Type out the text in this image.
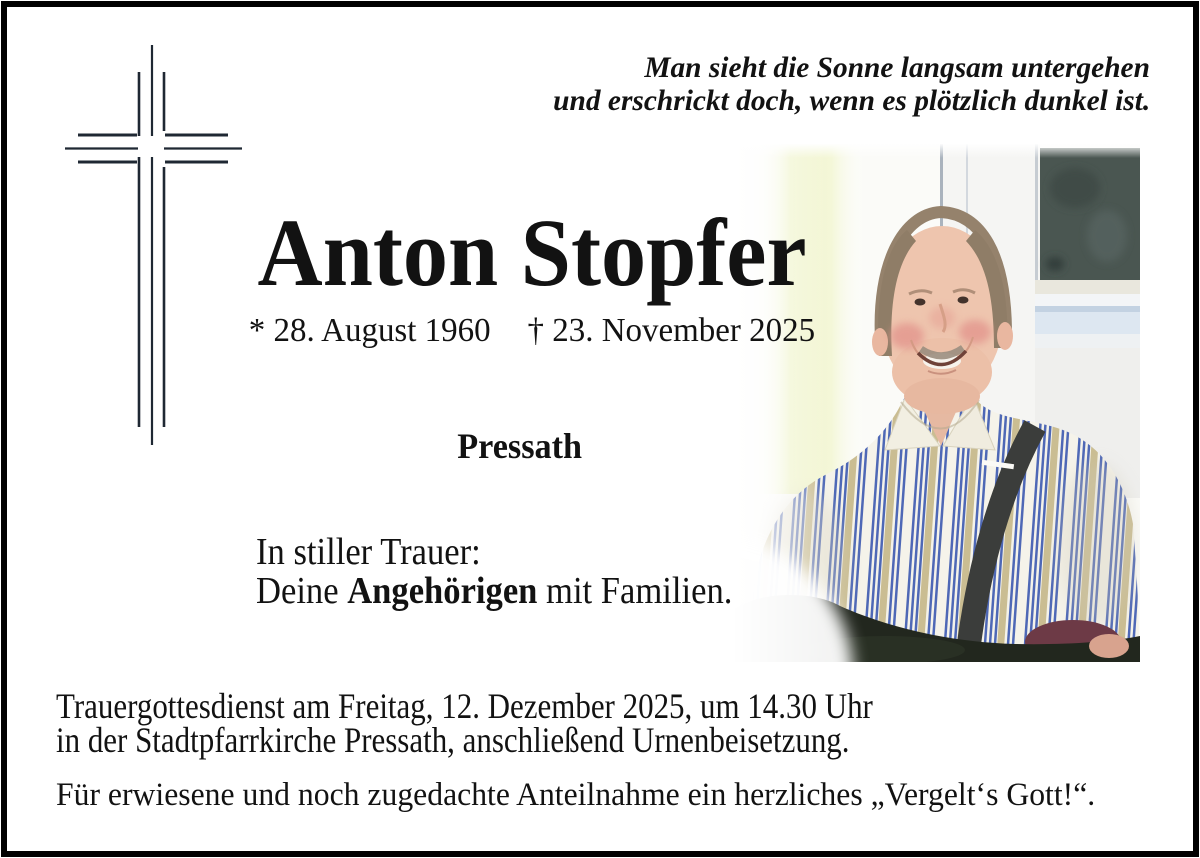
Man sieht die Sonne langsam untergehen
und erschrickt doch, wenn es plötzlich dunkel ist.
Anton Stopfer
* 28. August 1960 † 23. November 2025
Pressath
In stiller Trauer:
Deine Angehörigen mit Familien.
Trauergottesdienst am Freitag, 12. Dezember 2025, um 14.30 Uhr
in der Stadtpfarrkirche Pressath, anschließend Urnenbeisetzung.
Für erwiesene und noch zugedachte Anteilnahme ein herzliches „Vergelt‘s Gott!“.
